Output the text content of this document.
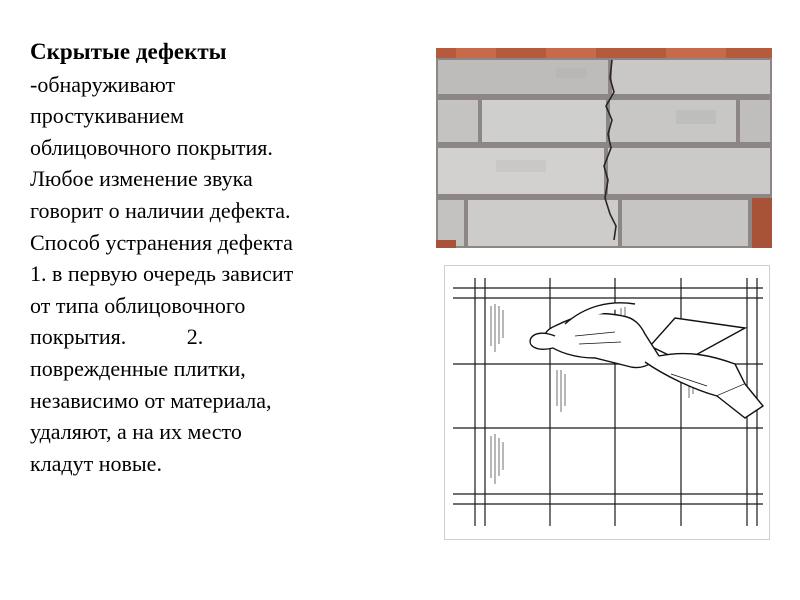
Скрытые дефекты
-обнаруживают
простукиванием
облицовочного покрытия.
Любое изменение звука
говорит о наличии дефекта.
Способ устранения дефекта
1. в первую очередь зависит
от типа облицовочного
покрытия.           2.
поврежденные плитки,
независимо от материала,
удаляют, а на их место
кладут новые.
